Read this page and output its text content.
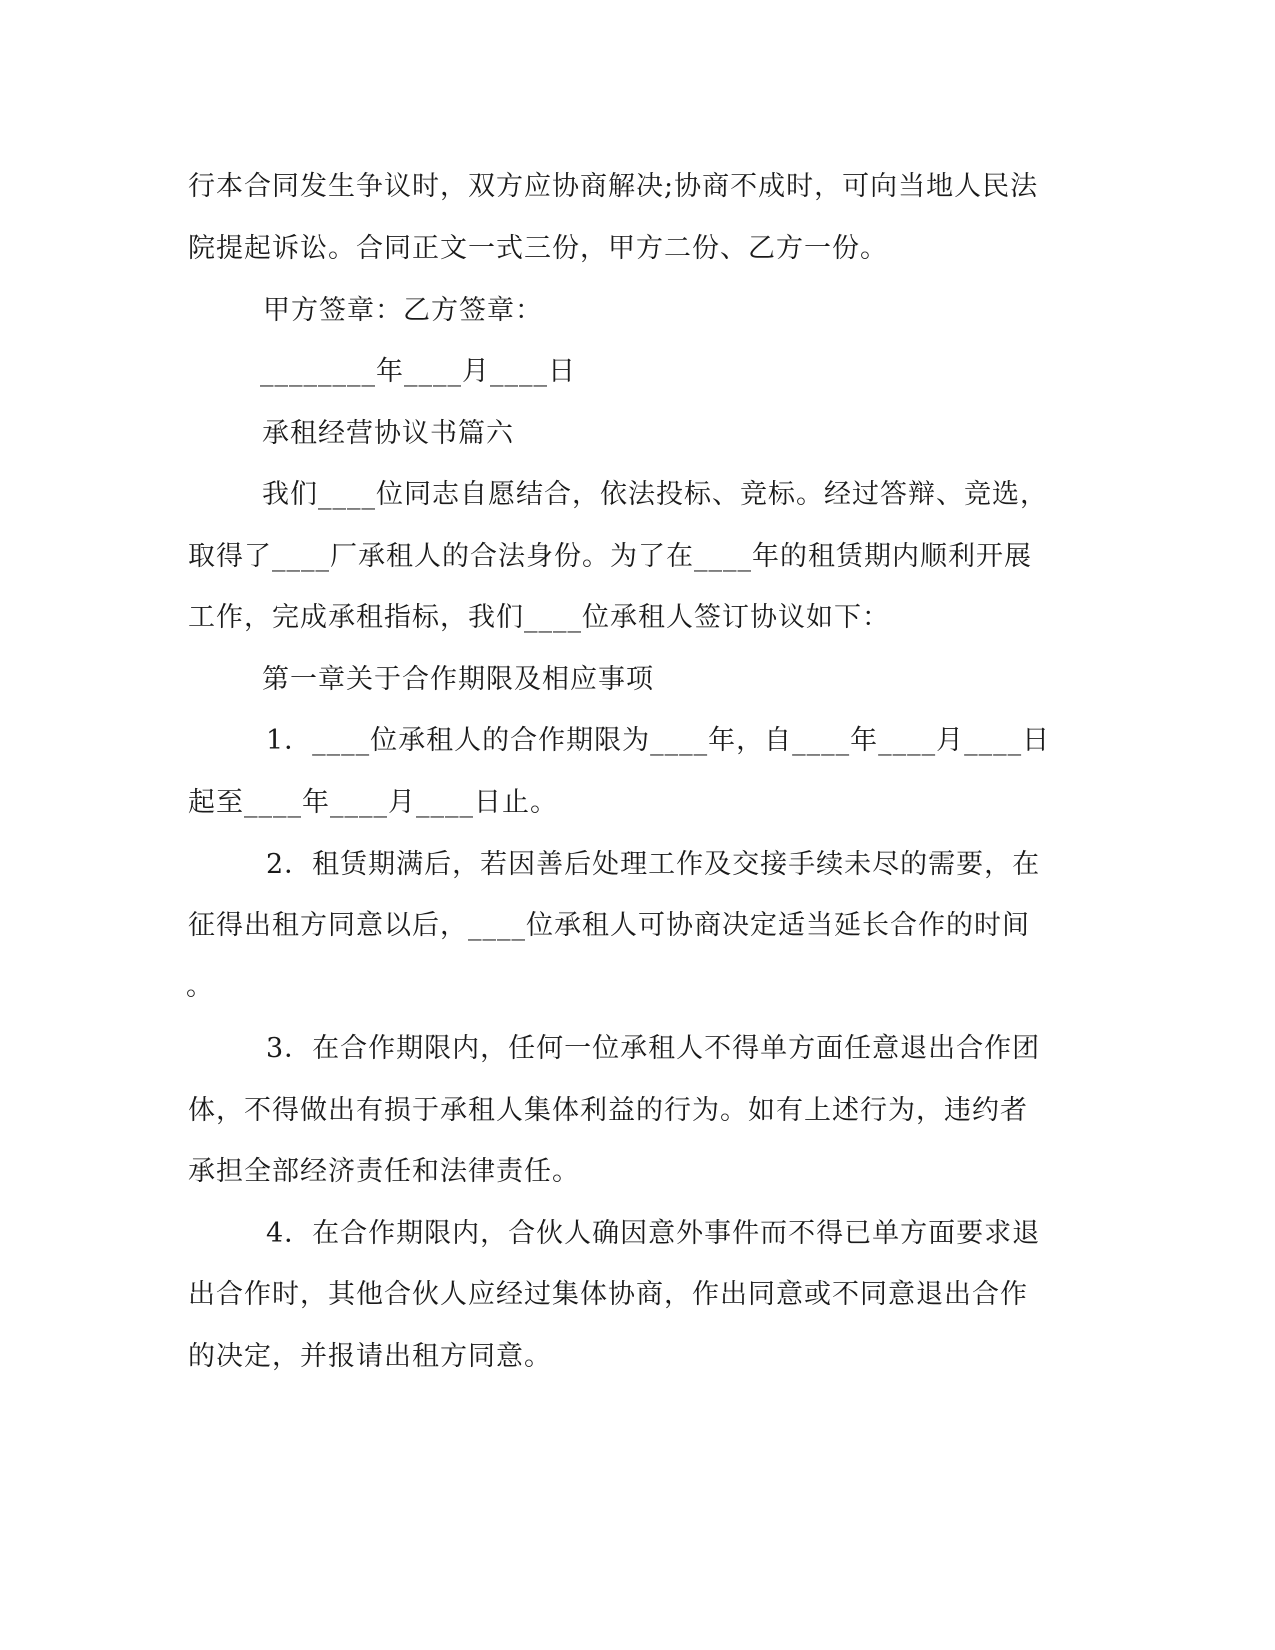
行本合同发生争议时，双方应协商解决;协商不成时，可向当地人民法
院提起诉讼。合同正文一式三份，甲方二份、乙方一份。
甲方签章：乙方签章：
________年____月____日
承租经营协议书篇六
我们____位同志自愿结合，依法投标、竞标。经过答辩、竞选，
取得了____厂承租人的合法身份。为了在____年的租赁期内顺利开展
工作，完成承租指标，我们____位承租人签订协议如下：
第一章关于合作期限及相应事项
1．____位承租人的合作期限为____年，自____年____月____日
起至____年____月____日止。
2．租赁期满后，若因善后处理工作及交接手续未尽的需要，在
征得出租方同意以后，____位承租人可协商决定适当延长合作的时间
。
3．在合作期限内，任何一位承租人不得单方面任意退出合作团
体，不得做出有损于承租人集体利益的行为。如有上述行为，违约者
承担全部经济责任和法律责任。
4．在合作期限内，合伙人确因意外事件而不得已单方面要求退
出合作时，其他合伙人应经过集体协商，作出同意或不同意退出合作
的决定，并报请出租方同意。
